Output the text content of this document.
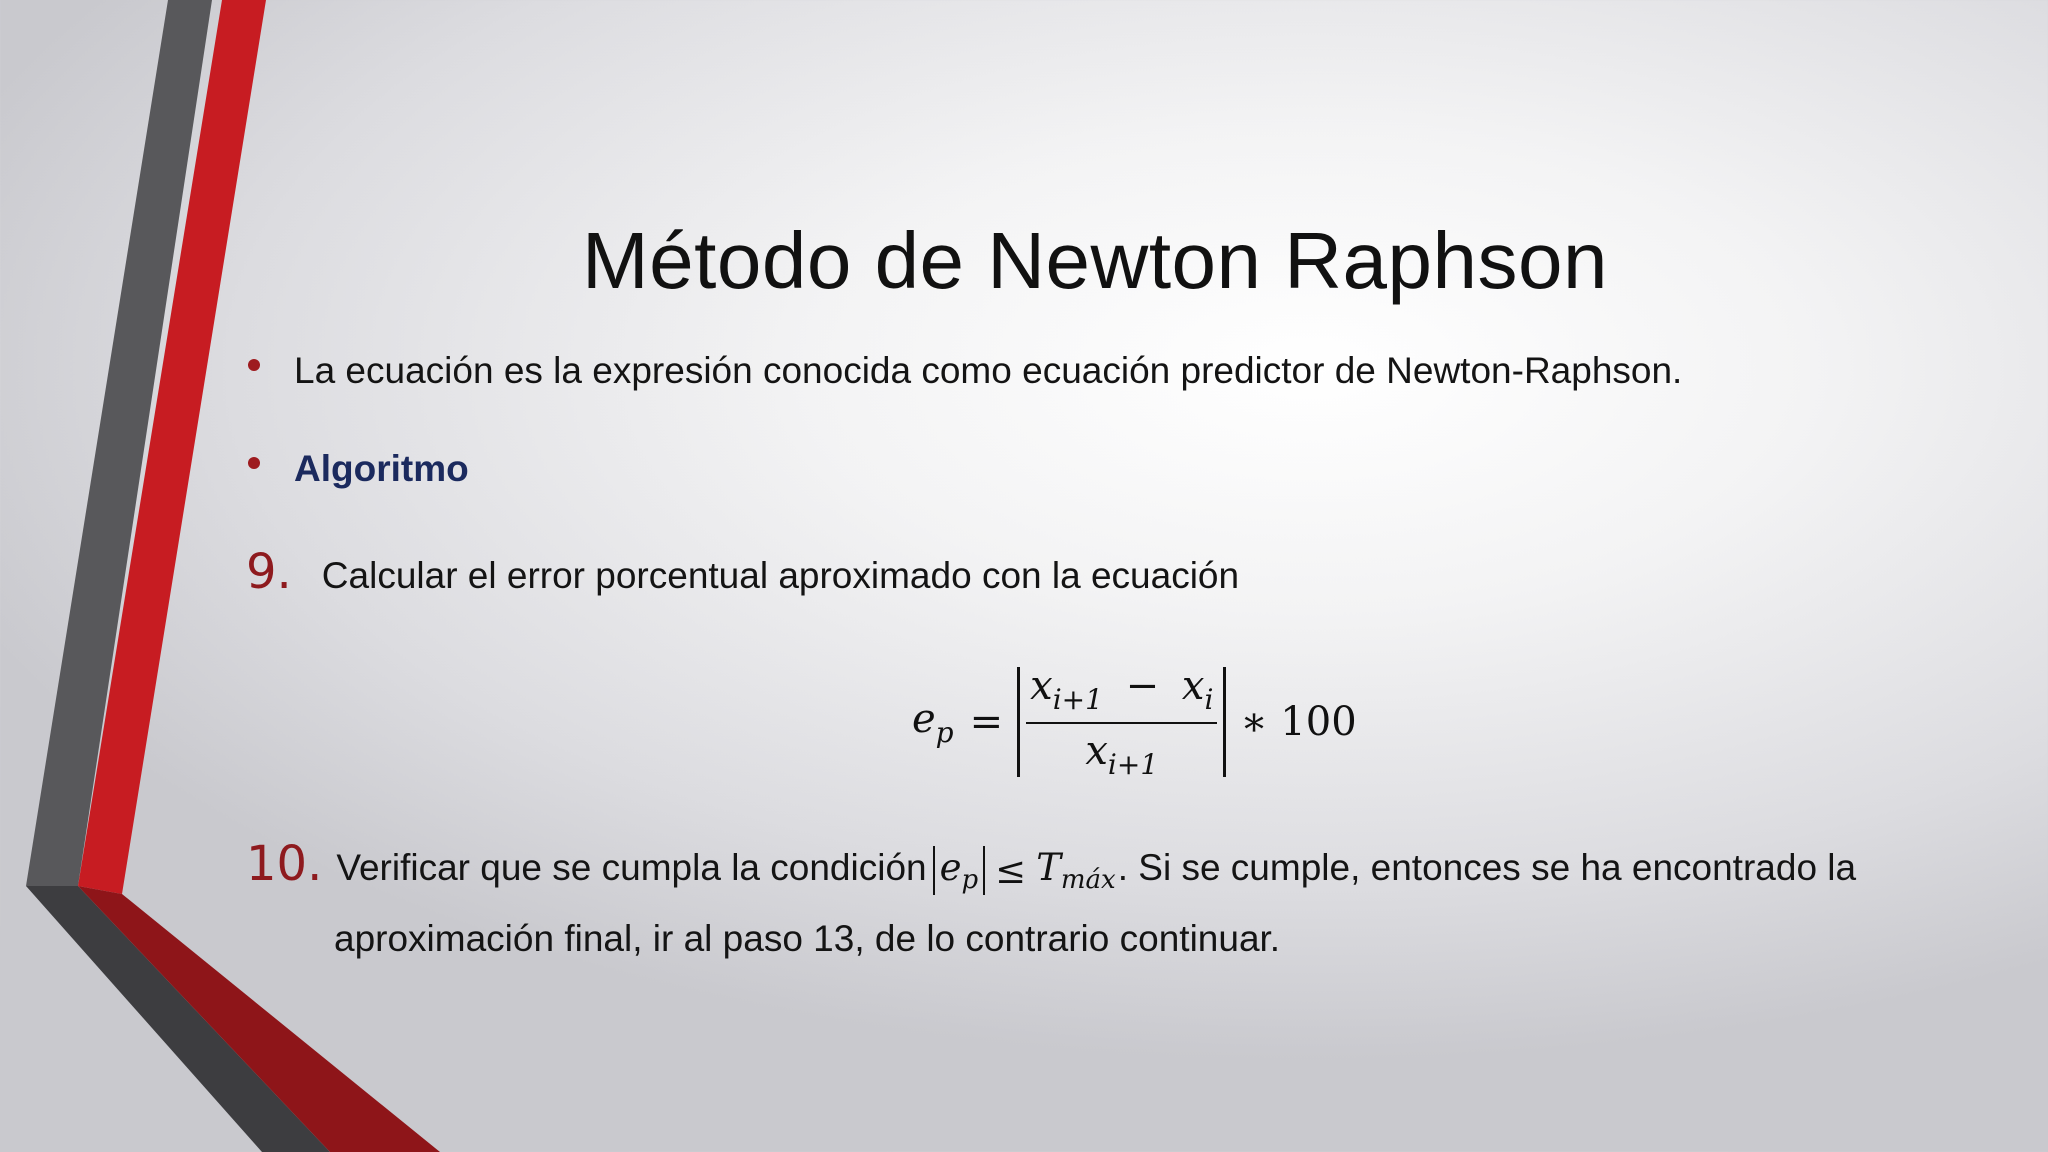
Método de Newton Raphson
La ecuación es la expresión conocida como ecuación predictor de Newton-Raphson.
Algoritmo
9. Calcular el error porcentual aproximado con la ecuación
$e_p = \frac{x_{i+1} - x_i}{x_{i+1}}$ ∗ 100
10. Verificar que se cumpla la condición $e_p \le T_{máx}$ . Si se cumple, entonces se ha encontrado la
aproximación final, ir al paso 13, de lo contrario continuar.
